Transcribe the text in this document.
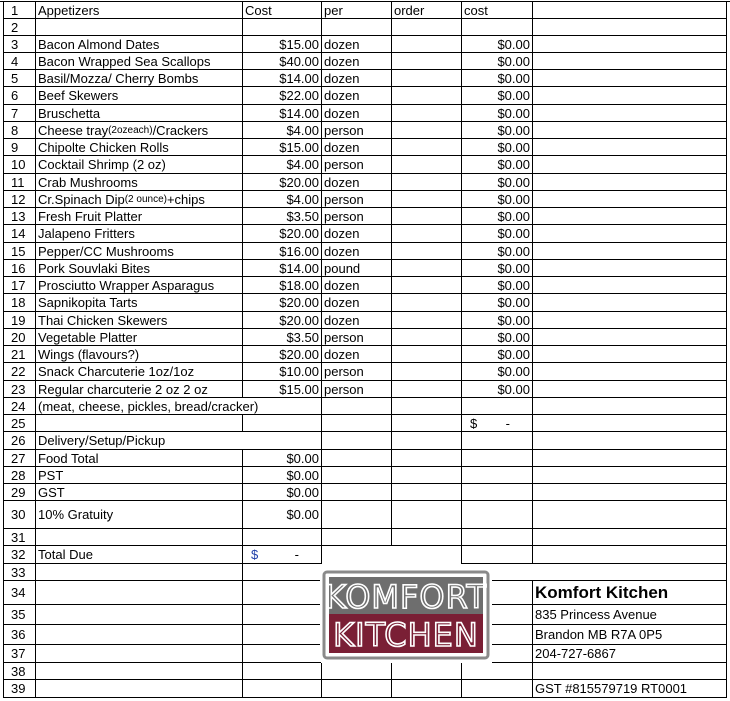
1	Appetizers	Cost	per	order	cost
2
3	Bacon Almond Dates	$15.00 dozen	$0.00
4	Bacon Wrapped Sea Scallops	$40.00 dozen	$0.00
5	Basil/Mozza/ Cherry Bombs	$14.00 dozen	$0.00
6	Beef Skewers	$22.00 dozen	$0.00
7	Bruschetta	$14.00 dozen	$0.00
8	Cheese tray (2ozeach) /Crackers	$4.00 person	$0.00
9	Chipolte Chicken Rolls	$15.00 dozen	$0.00
10 Cocktail Shrimp (2 oz)	$4.00 person	$0.00
11	Crab Mushrooms	$20.00 dozen	$0.00
12 Cr.Spinach Dip (2 ounce) +chips	$4.00 person	$0.00
13 Fresh Fruit Platter	$3.50 person	$0.00
14 Jalapeno Fritters	$20.00 dozen	$0.00
15 Pepper/CC Mushrooms	$16.00 dozen	$0.00
16 Pork Souvlaki Bites	$14.00 pound	$0.00
17 Prosciutto Wrapper Asparagus	$18.00 dozen	$0.00
18 Sapnikopita Tarts	$20.00 dozen	$0.00
19 Thai Chicken Skewers	$20.00 dozen	$0.00
20 Vegetable Platter	$3.50 person	$0.00
21 Wings (flavours?)	$20.00 dozen	$0.00
22 Snack Charcuterie 1oz/1oz	$10.00 person	$0.00
23 Regular charcuterie 2 oz 2 oz	$15.00 person	$0.00
24 (meat, cheese, pickles, bread/cracker)
25	$ -
26 Delivery/Setup/Pickup
27 Food Total	$0.00
28 PST	$0.00
29 GST	$0.00
30 10% Gratuity	$0.00
31
32 Total Due	$	-
33
34	Komfort Kitchen
35	835 Princess Avenue
36	Brandon MB R7A 0P5
37	204-727-6867
38
39	GST #815579719 RT0001
KOMFORT
KITCHEN
